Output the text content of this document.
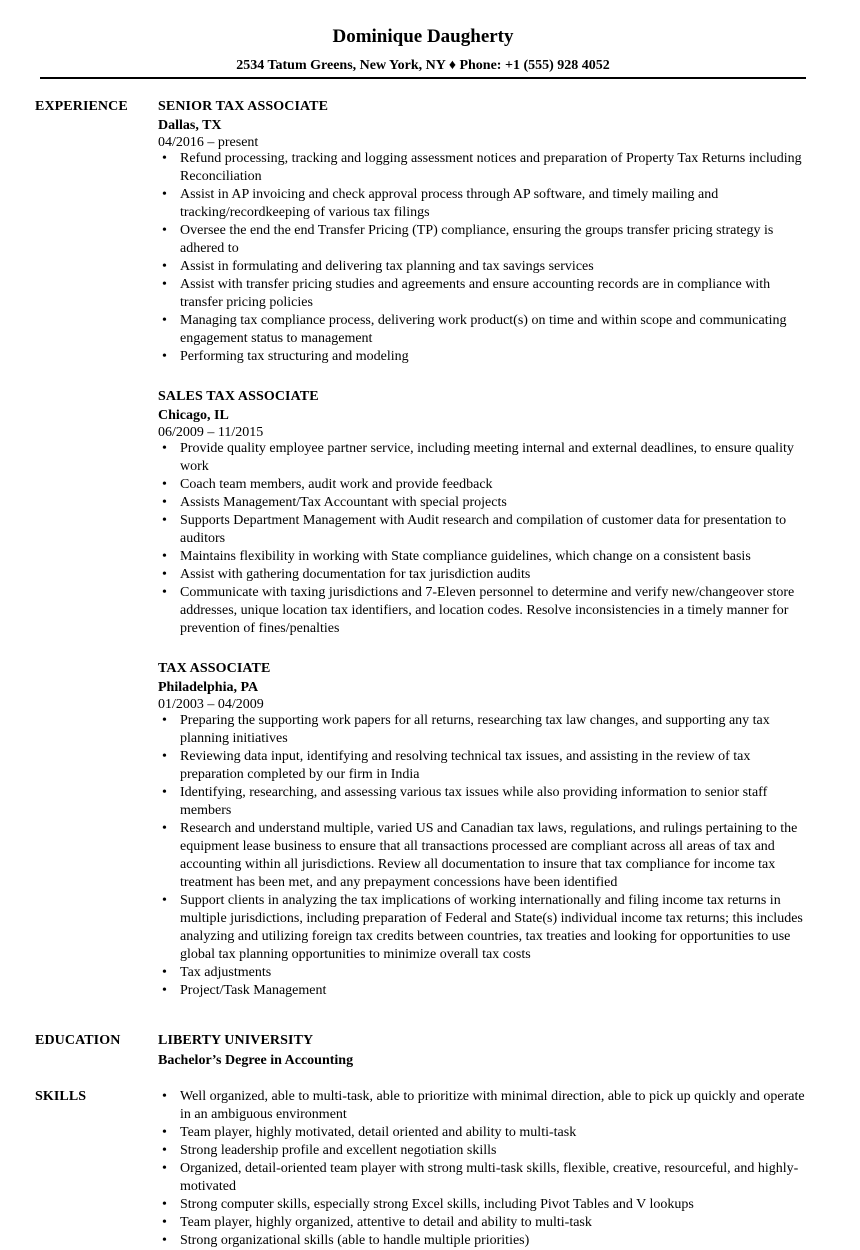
Dominique Daugherty
2534 Tatum Greens, New York, NY ♦ Phone: +1 (555) 928 4052
EXPERIENCE SENIOR TAX ASSOCIATE
Dallas, TX
04/2016 – present
• Refund processing, tracking and logging assessment notices and preparation of Property Tax Returns including Reconciliation
• Assist in AP invoicing and check approval process through AP software, and timely mailing and tracking/recordkeeping of various tax filings
• Oversee the end the end Transfer Pricing (TP) compliance, ensuring the groups transfer pricing strategy is adhered to
• Assist in formulating and delivering tax planning and tax savings services
• Assist with transfer pricing studies and agreements and ensure accounting records are in compliance with transfer pricing policies
• Managing tax compliance process, delivering work product(s) on time and within scope and communicating engagement status to management
• Performing tax structuring and modeling
SALES TAX ASSOCIATE
Chicago, IL
06/2009 – 11/2015
• Provide quality employee partner service, including meeting internal and external deadlines, to ensure quality work
• Coach team members, audit work and provide feedback
• Assists Management/Tax Accountant with special projects
• Supports Department Management with Audit research and compilation of customer data for presentation to auditors
• Maintains flexibility in working with State compliance guidelines, which change on a consistent basis
• Assist with gathering documentation for tax jurisdiction audits
• Communicate with taxing jurisdictions and 7-Eleven personnel to determine and verify new/changeover store addresses, unique location tax identifiers, and location codes. Resolve inconsistencies in a timely manner for prevention of fines/penalties
TAX ASSOCIATE
Philadelphia, PA
01/2003 – 04/2009
• Preparing the supporting work papers for all returns, researching tax law changes, and supporting any tax planning initiatives
• Reviewing data input, identifying and resolving technical tax issues, and assisting in the review of tax preparation completed by our firm in India
• Identifying, researching, and assessing various tax issues while also providing information to senior staff members
• Research and understand multiple, varied US and Canadian tax laws, regulations, and rulings pertaining to the equipment lease business to ensure that all transactions processed are compliant across all areas of tax and accounting within all jurisdictions. Review all documentation to insure that tax compliance for income tax treatment has been met, and any prepayment concessions have been identified
• Support clients in analyzing the tax implications of working internationally and filing income tax returns in multiple jurisdictions, including preparation of Federal and State(s) individual income tax returns; this includes analyzing and utilizing foreign tax credits between countries, tax treaties and looking for opportunities to use global tax planning opportunities to minimize overall tax costs
• Tax adjustments
• Project/Task Management
EDUCATION	LIBERTY UNIVERSITY
Bachelor’s Degree in Accounting
SKILLS
•	Well organized, able to multi-task, able to prioritize with minimal direction, able to pick up quickly and operate in an ambiguous environment
• Team player, highly motivated, detail oriented and ability to multi-task
• Strong leadership profile and excellent negotiation skills
• Organized, detail-oriented team player with strong multi-task skills, flexible, creative, resourceful, and highly-motivated
• Strong computer skills, especially strong Excel skills, including Pivot Tables and V lookups
• Team player, highly organized, attentive to detail and ability to multi-task
• Strong organizational skills (able to handle multiple priorities)
